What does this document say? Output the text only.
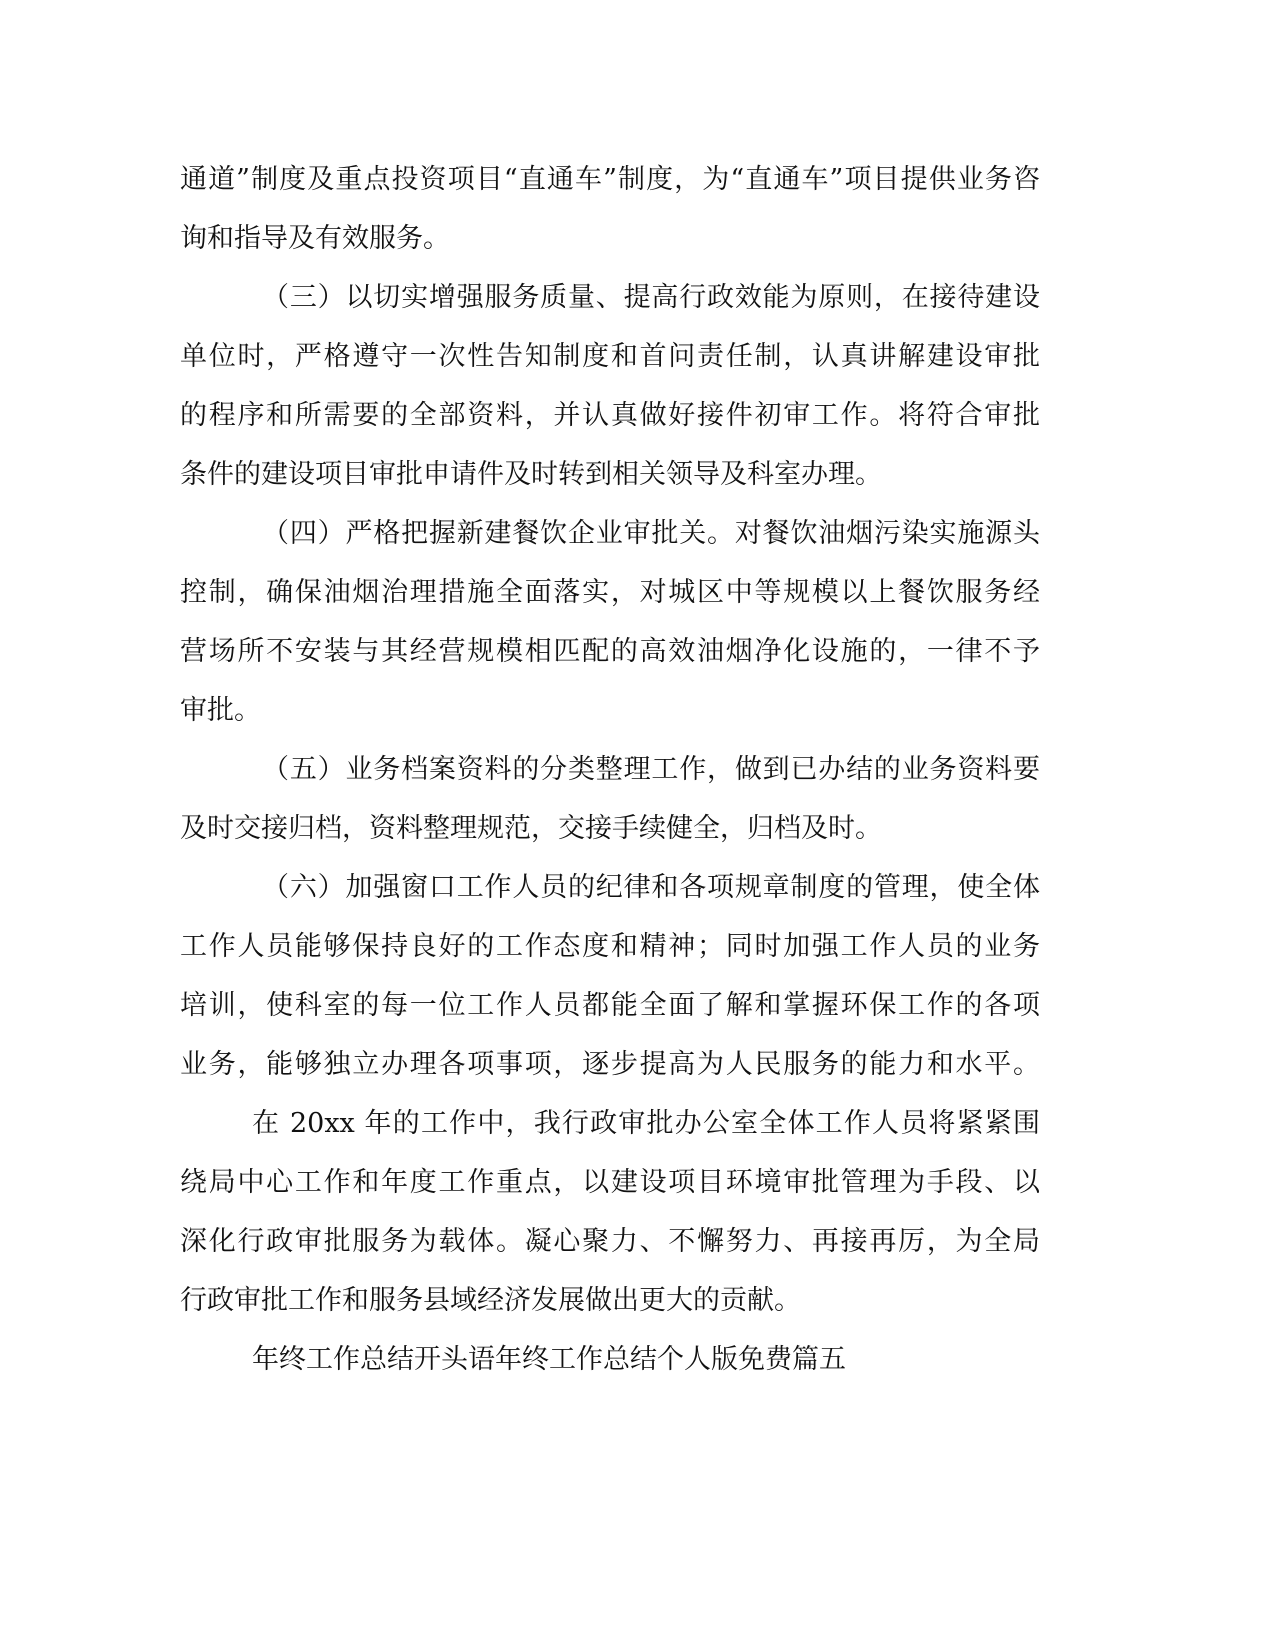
通道”制度及重点投资项目“直通车”制度，为“直通车”项目提供业务咨
询和指导及有效服务。
（三）以切实增强服务质量、提高行政效能为原则，在接待建设
单位时，严格遵守一次性告知制度和首问责任制，认真讲解建设审批
的程序和所需要的全部资料，并认真做好接件初审工作。将符合审批
条件的建设项目审批申请件及时转到相关领导及科室办理。
（四）严格把握新建餐饮企业审批关。对餐饮油烟污染实施源头
控制，确保油烟治理措施全面落实，对城区中等规模以上餐饮服务经
营场所不安装与其经营规模相匹配的高效油烟净化设施的，一律不予
审批。
（五）业务档案资料的分类整理工作，做到已办结的业务资料要
及时交接归档，资料整理规范，交接手续健全，归档及时。
（六）加强窗口工作人员的纪律和各项规章制度的管理，使全体
工作人员能够保持良好的工作态度和精神；同时加强工作人员的业务
培训，使科室的每一位工作人员都能全面了解和掌握环保工作的各项
业务，能够独立办理各项事项，逐步提高为人民服务的能力和水平。
在 20xx 年的工作中，我行政审批办公室全体工作人员将紧紧围
绕局中心工作和年度工作重点，以建设项目环境审批管理为手段、以
深化行政审批服务为载体。凝心聚力、不懈努力、再接再厉，为全局
行政审批工作和服务县域经济发展做出更大的贡献。
年终工作总结开头语年终工作总结个人版免费篇五
